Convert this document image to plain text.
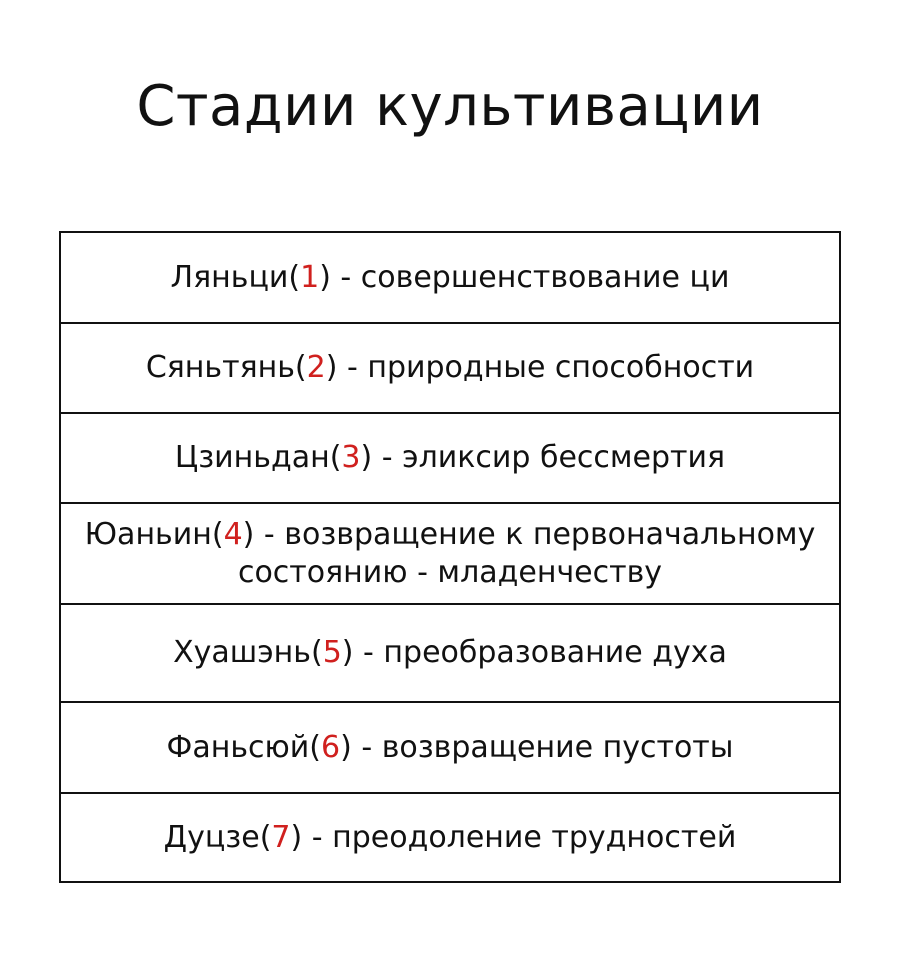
Стадии культивации
Ляньци(1) - совершенствование ци
Сяньтянь(2) - природные способности
Цзиньдан(3) - эликсир бессмертия
Юаньин(4) - возвращение к первоначальному состоянию - младенчеству
Хуашэнь(5) - преобразование духа
Фаньсюй(6) - возвращение пустоты
Дуцзе(7) - преодоление трудностей
